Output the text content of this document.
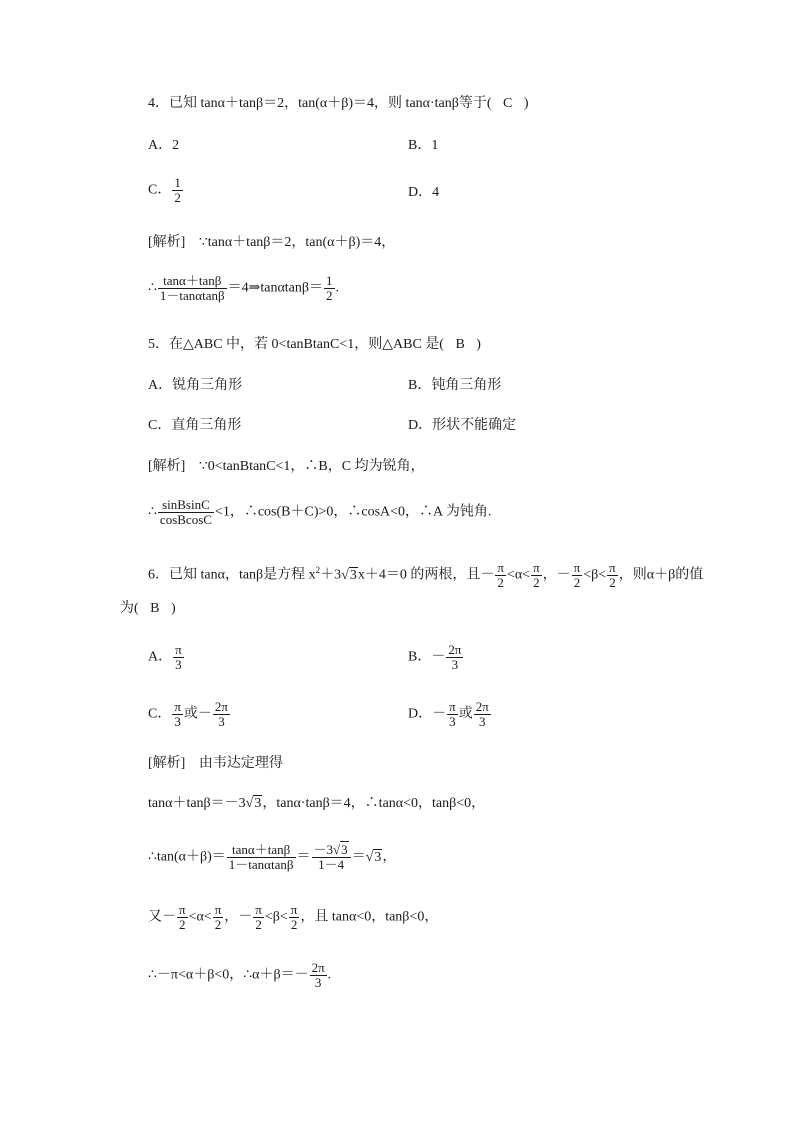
4．已知 tanα＋tanβ＝2，tan(α＋β)＝4，则 tanα·tanβ等于( C )
A．2	B．1
C． $\frac{1}{2}$	D．4
[解析] ∵tanα＋tanβ＝2，tan(α＋β)＝4，
∴ $\frac{\tan\alpha+\tan\beta}{1-\tan\alpha\tan\beta}$ ＝4⇒tanαtanβ＝ $\frac{1}{2}$ .
5．在△ABC 中，若 0<tanBtanC<1，则△ABC 是( B )
A．锐角三角形	B．钝角三角形
C．直角三角形	D．形状不能确定
[解析] ∵0<tanBtanC<1，∴B，C 均为锐角，
∴ $\frac{\text{sinBsinC}}{\text{cosBcosC}} <1$，∴cos(B＋C)>0，∴cosA<0，∴A 为钝角.
6．已知 tanα，tanβ是方程 $x^2+3√3x+4=0$ 的两根，且－ $\frac{\pi}{2} <\alpha< \frac{\pi}{2}$ ，－ $\frac{\pi}{2} <\beta< \frac{\pi}{2}$ ，则α＋β的值
为( B )
A． $\frac{\pi}{3}$	B．－ $\frac{2\pi}{3}$
C． $\frac{\pi}{3}$ 或－ $\frac{2\pi}{3}$	D．－ $\frac{\pi}{3}$ 或 $\frac{2\pi}{3}$
[解析] 由韦达定理得
tanα＋tanβ＝－3√3，tanα·tanβ＝4，∴tanα<0，tanβ<0，
∴tan(α＋β)＝ $\frac{\tan\alpha+\tan\beta}{1-\tan\alpha\tan\beta} = \frac{-3√3}{1-4} =√3$，
又－ $\frac{\pi}{2} <\alpha< \frac{\pi}{2}$ ，－ $\frac{\pi}{2} <\beta< \frac{\pi}{2}$ ，且 tanα<0，tanβ<0，
∴－π<α＋β<0，∴α＋β＝－ $\frac{2\pi}{3}$ .
